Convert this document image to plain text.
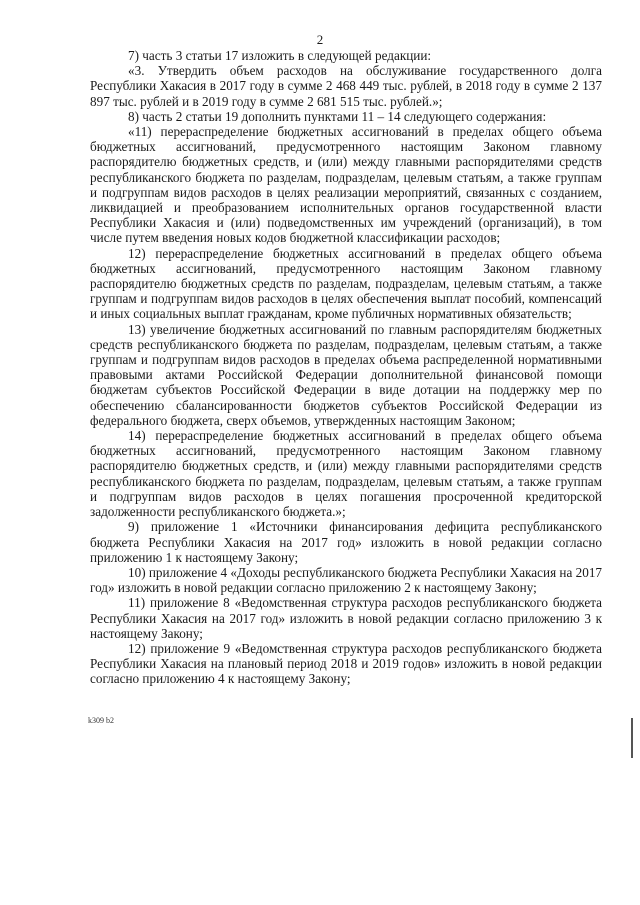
2

7) часть 3 статьи 17 изложить в следующей редакции:

«3. Утвердить объем расходов на обслуживание государственного долга Республики Хакасия в 2017 году в сумме 2 468 449 тыс. рублей, в 2018 году в сумме 2 137 897 тыс. рублей и в 2019 году в сумме 2 681 515 тыс. рублей.»;

8) часть 2 статьи 19 дополнить пунктами 11 – 14 следующего содержания:

«11) перераспределение бюджетных ассигнований в пределах общего объема бюджетных ассигнований, предусмотренного настоящим Законом главному распорядителю бюджетных средств, и (или) между главными распорядителями средств республиканского бюджета по разделам, подразделам, целевым статьям, а также группам и подгруппам видов расходов в целях реализации мероприятий, связанных с созданием, ликвидацией и преобразованием исполнительных органов государственной власти Республики Хакасия и (или) подведомственных им учреждений (организаций), в том числе путем введения новых кодов бюджетной классификации расходов;

12) перераспределение бюджетных ассигнований в пределах общего объема бюджетных ассигнований, предусмотренного настоящим Законом главному распорядителю бюджетных средств по разделам, подразделам, целевым статьям, а также группам и подгруппам видов расходов в целях обеспечения выплат пособий, компенсаций и иных социальных выплат гражданам, кроме публичных нормативных обязательств;

13) увеличение бюджетных ассигнований по главным распорядителям бюджетных средств республиканского бюджета по разделам, подразделам, целевым статьям, а также группам и подгруппам видов расходов в пределах объема распределенной нормативными правовыми актами Российской Федерации дополнительной финансовой помощи бюджетам субъектов Российской Федерации в виде дотации на поддержку мер по обеспечению сбалансированности бюджетов субъектов Российской Федерации из федерального бюджета, сверх объемов, утвержденных настоящим Законом;

14) перераспределение бюджетных ассигнований в пределах общего объема бюджетных ассигнований, предусмотренного настоящим Законом главному распорядителю бюджетных средств, и (или) между главными распорядителями средств республиканского бюджета по разделам, подразделам, целевым статьям, а также группам и подгруппам видов расходов в целях погашения просроченной кредиторской задолженности республиканского бюджета.»;

9) приложение 1 «Источники финансирования дефицита республиканского бюджета Республики Хакасия на 2017 год» изложить в новой редакции согласно приложению 1 к настоящему Закону;

10) приложение 4 «Доходы республиканского бюджета Республики Хакасия на 2017 год» изложить в новой редакции согласно приложению 2 к настоящему Закону;

11) приложение 8 «Ведомственная структура расходов республиканского бюджета Республики Хакасия на 2017 год» изложить в новой редакции согласно приложению 3 к настоящему Закону;

12) приложение 9 «Ведомственная структура расходов республиканского бюджета Республики Хакасия на плановый период 2018 и 2019 годов» изложить в новой редакции согласно приложению 4 к настоящему Закону;

k309 b2
